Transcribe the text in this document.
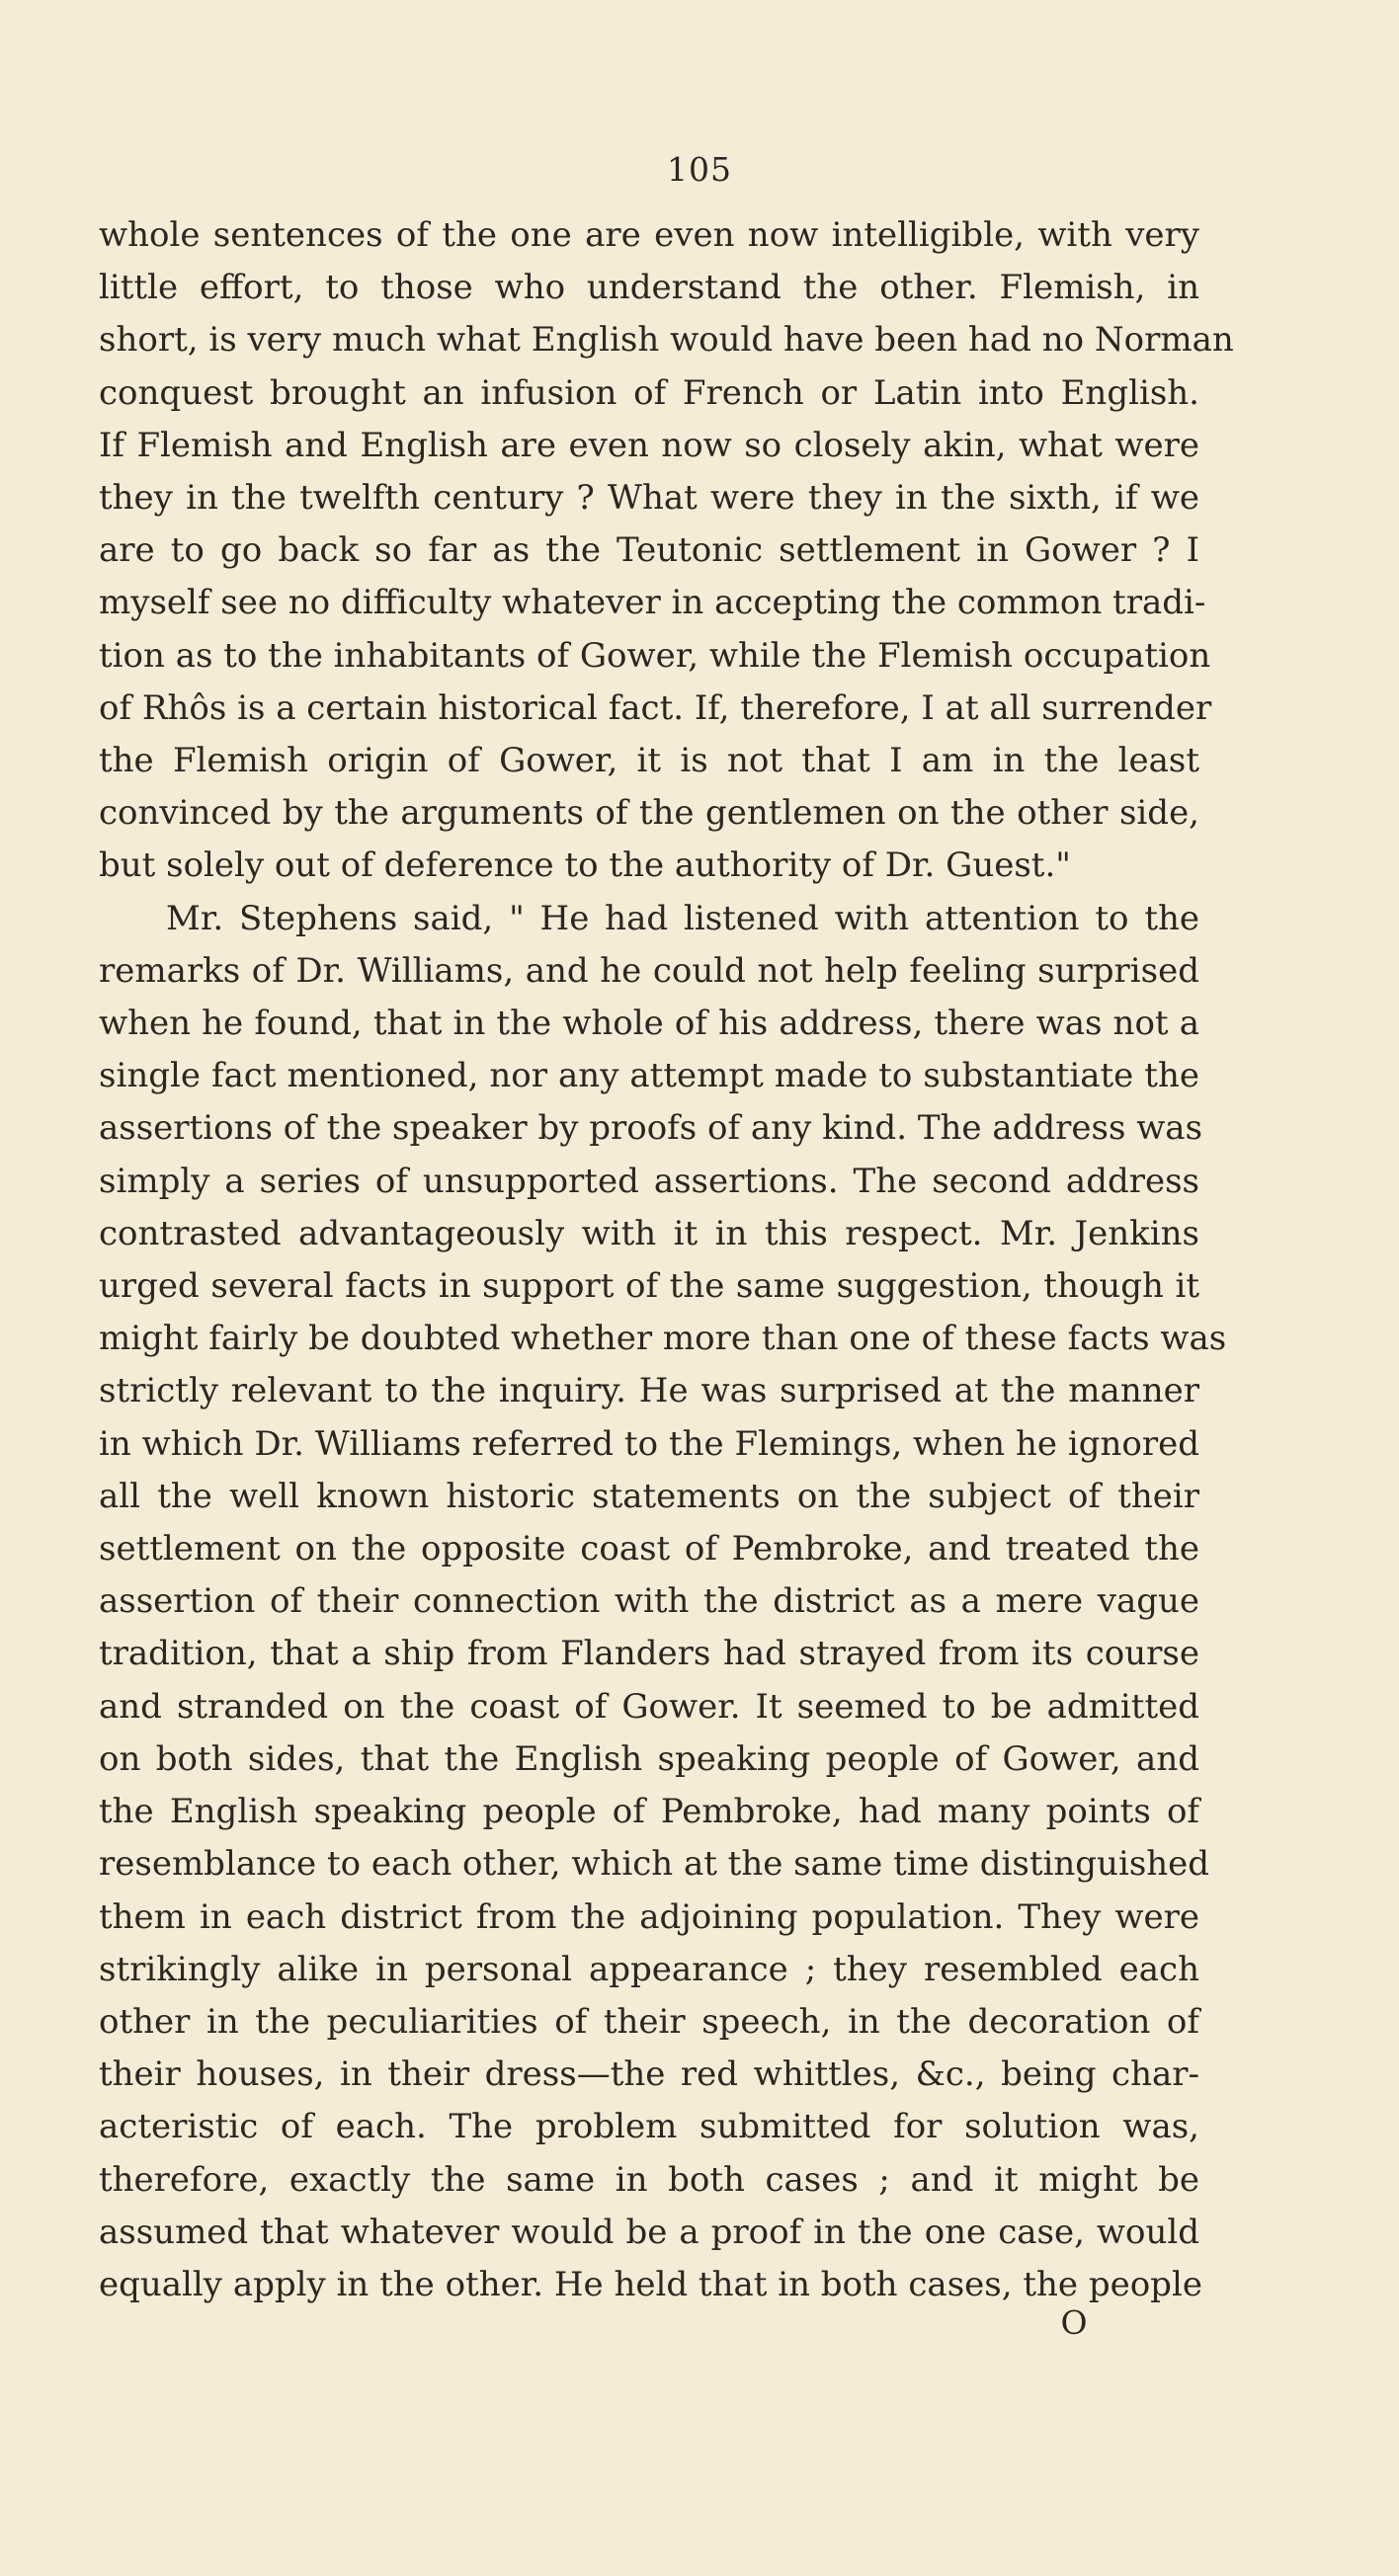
105
whole sentences of the one are even now intelligible, with very
little effort, to those who understand the other. Flemish, in
short, is very much what English would have been had no Norman
conquest brought an infusion of French or Latin into English.
If Flemish and English are even now so closely akin, what were
they in the twelfth century ? What were they in the sixth, if we
are to go back so far as the Teutonic settlement in Gower ? I
myself see no difficulty whatever in accepting the common tradi-
tion as to the inhabitants of Gower, while the Flemish occupation
of Rhôs is a certain historical fact. If, therefore, I at all surrender
the Flemish origin of Gower, it is not that I am in the least
convinced by the arguments of the gentlemen on the other side,
but solely out of deference to the authority of Dr. Guest."
Mr. Stephens said, " He had listened with attention to the
remarks of Dr. Williams, and he could not help feeling surprised
when he found, that in the whole of his address, there was not a
single fact mentioned, nor any attempt made to substantiate the
assertions of the speaker by proofs of any kind. The address was
simply a series of unsupported assertions. The second address
contrasted advantageously with it in this respect. Mr. Jenkins
urged several facts in support of the same suggestion, though it
might fairly be doubted whether more than one of these facts was
strictly relevant to the inquiry. He was surprised at the manner
in which Dr. Williams referred to the Flemings, when he ignored
all the well known historic statements on the subject of their
settlement on the opposite coast of Pembroke, and treated the
assertion of their connection with the district as a mere vague
tradition, that a ship from Flanders had strayed from its course
and stranded on the coast of Gower. It seemed to be admitted
on both sides, that the English speaking people of Gower, and
the English speaking people of Pembroke, had many points of
resemblance to each other, which at the same time distinguished
them in each district from the adjoining population. They were
strikingly alike in personal appearance ; they resembled each
other in the peculiarities of their speech, in the decoration of
their houses, in their dress—the red whittles, &c., being char-
acteristic of each. The problem submitted for solution was,
therefore, exactly the same in both cases ; and it might be
assumed that whatever would be a proof in the one case, would
equally apply in the other. He held that in both cases, the people
O
